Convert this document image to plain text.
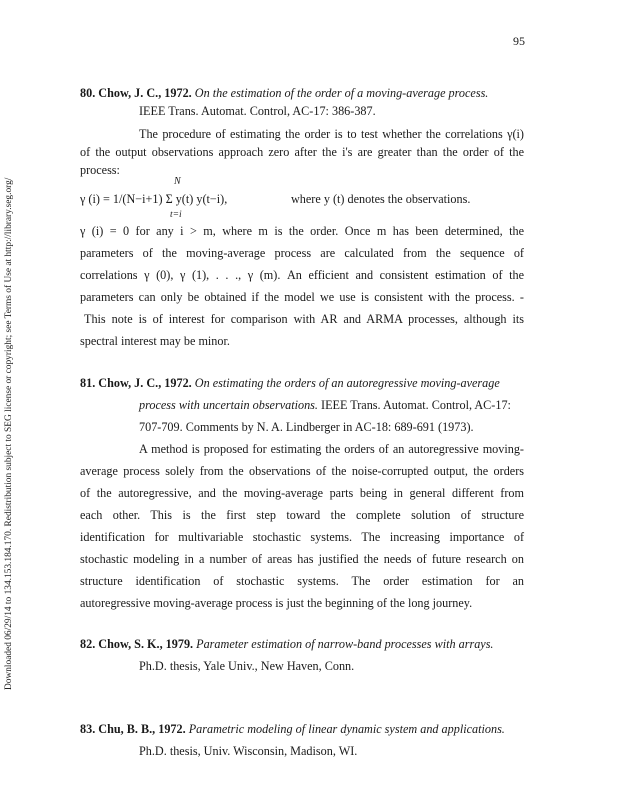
Downloaded 06/29/14 to 134.153.184.170. Redistribution subject to SEG license or copyright; see Terms of Use at http://library.seg.org/
95
80. Chow, J. C., 1972. On the estimation of the order of a moving-average process.
IEEE Trans. Automat. Control, AC-17: 386-387.
The procedure of estimating the order is to test whether the correlations γ(i)
of the output observations approach zero after the i's are greater than the order of the
process:
N
γ (i) = 1/(N−i+1) Σ y(t) y(t−i),	where y (t) denotes the observations.
t=i
γ (i) = 0 for any i > m, where m is the order. Once m has been determined, the
parameters of the moving-average process are calculated from the sequence of
correlations γ (0), γ (1), . . ., γ (m). An efficient and consistent estimation of the
parameters can only be obtained if the model we use is consistent with the process. -
This note is of interest for comparison with AR and ARMA processes, although its
spectral interest may be minor.
81. Chow, J. C., 1972. On estimating the orders of an autoregressive moving-average
process with uncertain observations. IEEE Trans. Automat. Control, AC-17:
707-709. Comments by N. A. Lindberger in AC-18: 689-691 (1973).
A method is proposed for estimating the orders of an autoregressive moving-
average process solely from the observations of the noise-corrupted output, the orders
of the autoregressive, and the moving-average parts being in general different from
each other. This is the first step toward the complete solution of structure
identification for multivariable stochastic systems. The increasing importance of
stochastic modeling in a number of areas has justified the needs of future research on
structure identification of stochastic systems. The order estimation for an
autoregressive moving-average process is just the beginning of the long journey.
82. Chow, S. K., 1979. Parameter estimation of narrow-band processes with arrays.
Ph.D. thesis, Yale Univ., New Haven, Conn.
83. Chu, B. B., 1972. Parametric modeling of linear dynamic system and applications.
Ph.D. thesis, Univ. Wisconsin, Madison, WI.
